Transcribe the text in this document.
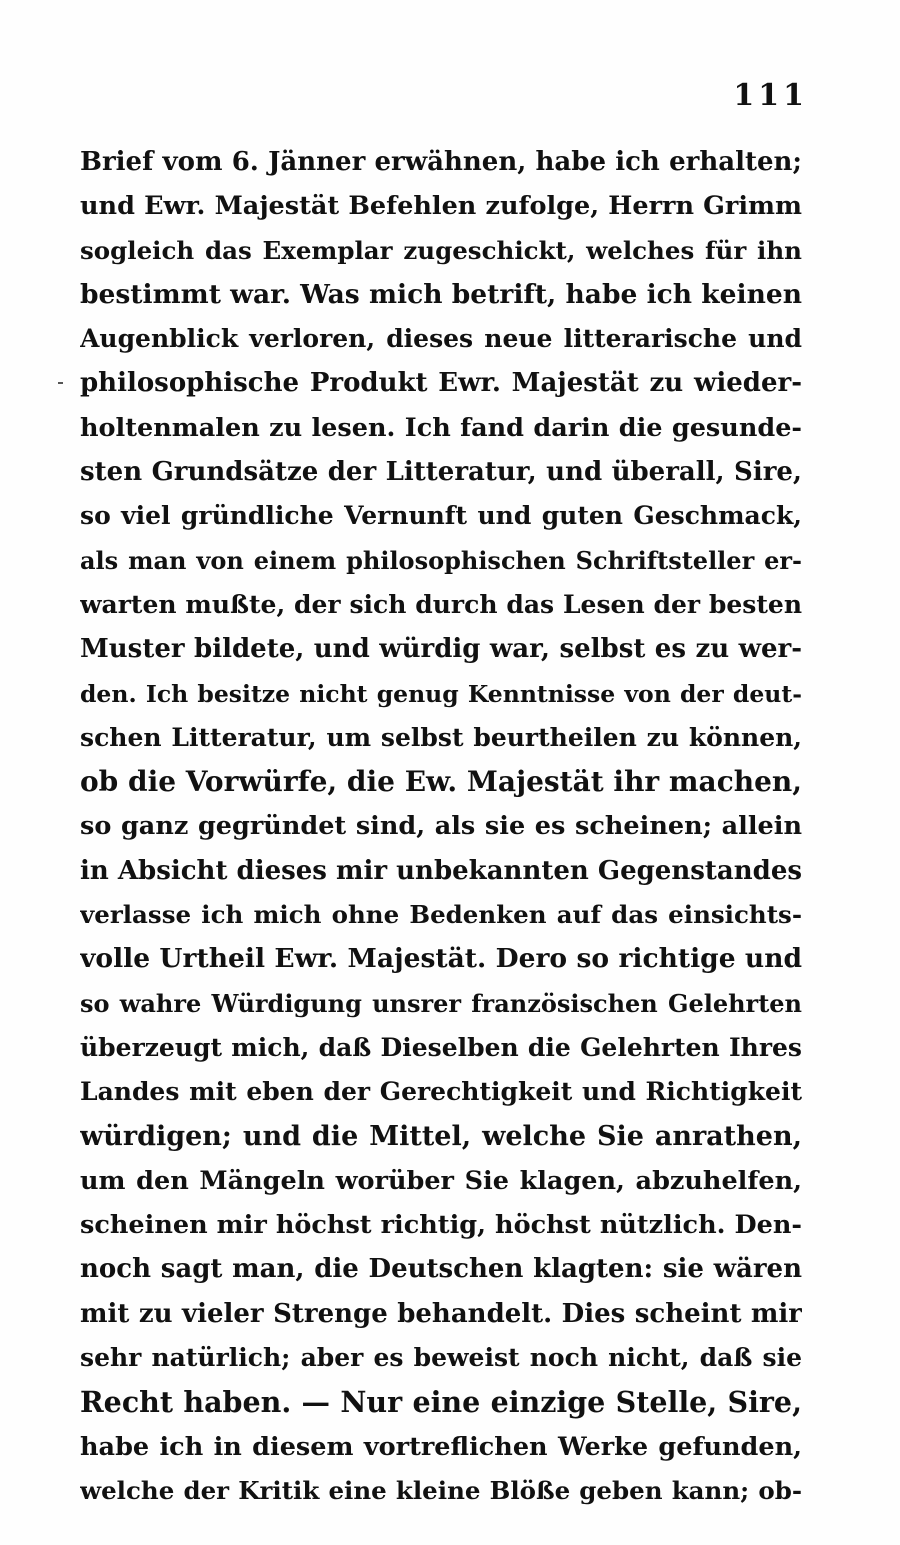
111
Brief vom 6. Jänner erwähnen, habe ich erhalten;
und Ewr. Majestät Befehlen zufolge, Herrn Grimm
sogleich das Exemplar zugeschickt, welches für ihn
bestimmt war. Was mich betrift, habe ich keinen
Augenblick verloren, dieses neue litterarische und
philosophische Produkt Ewr. Majestät zu wieder-
holtenmalen zu lesen. Ich fand darin die gesunde-
sten Grundsätze der Litteratur, und überall, Sire,
so viel gründliche Vernunft und guten Geschmack,
als man von einem philosophischen Schriftsteller er-
warten mußte, der sich durch das Lesen der besten
Muster bildete, und würdig war, selbst es zu wer-
den. Ich besitze nicht genug Kenntnisse von der deut-
schen Litteratur, um selbst beurtheilen zu können,
ob die Vorwürfe, die Ew. Majestät ihr machen,
so ganz gegründet sind, als sie es scheinen; allein
in Absicht dieses mir unbekannten Gegenstandes
verlasse ich mich ohne Bedenken auf das einsichts-
volle Urtheil Ewr. Majestät. Dero so richtige und
so wahre Würdigung unsrer französischen Gelehrten
überzeugt mich, daß Dieselben die Gelehrten Ihres
Landes mit eben der Gerechtigkeit und Richtigkeit
würdigen; und die Mittel, welche Sie anrathen,
um den Mängeln worüber Sie klagen, abzuhelfen,
scheinen mir höchst richtig, höchst nützlich. Den-
noch sagt man, die Deutschen klagten: sie wären
mit zu vieler Strenge behandelt. Dies scheint mir
sehr natürlich; aber es beweist noch nicht, daß sie
Recht haben. — Nur eine einzige Stelle, Sire,
habe ich in diesem vortreflichen Werke gefunden,
welche der Kritik eine kleine Blöße geben kann; ob-
